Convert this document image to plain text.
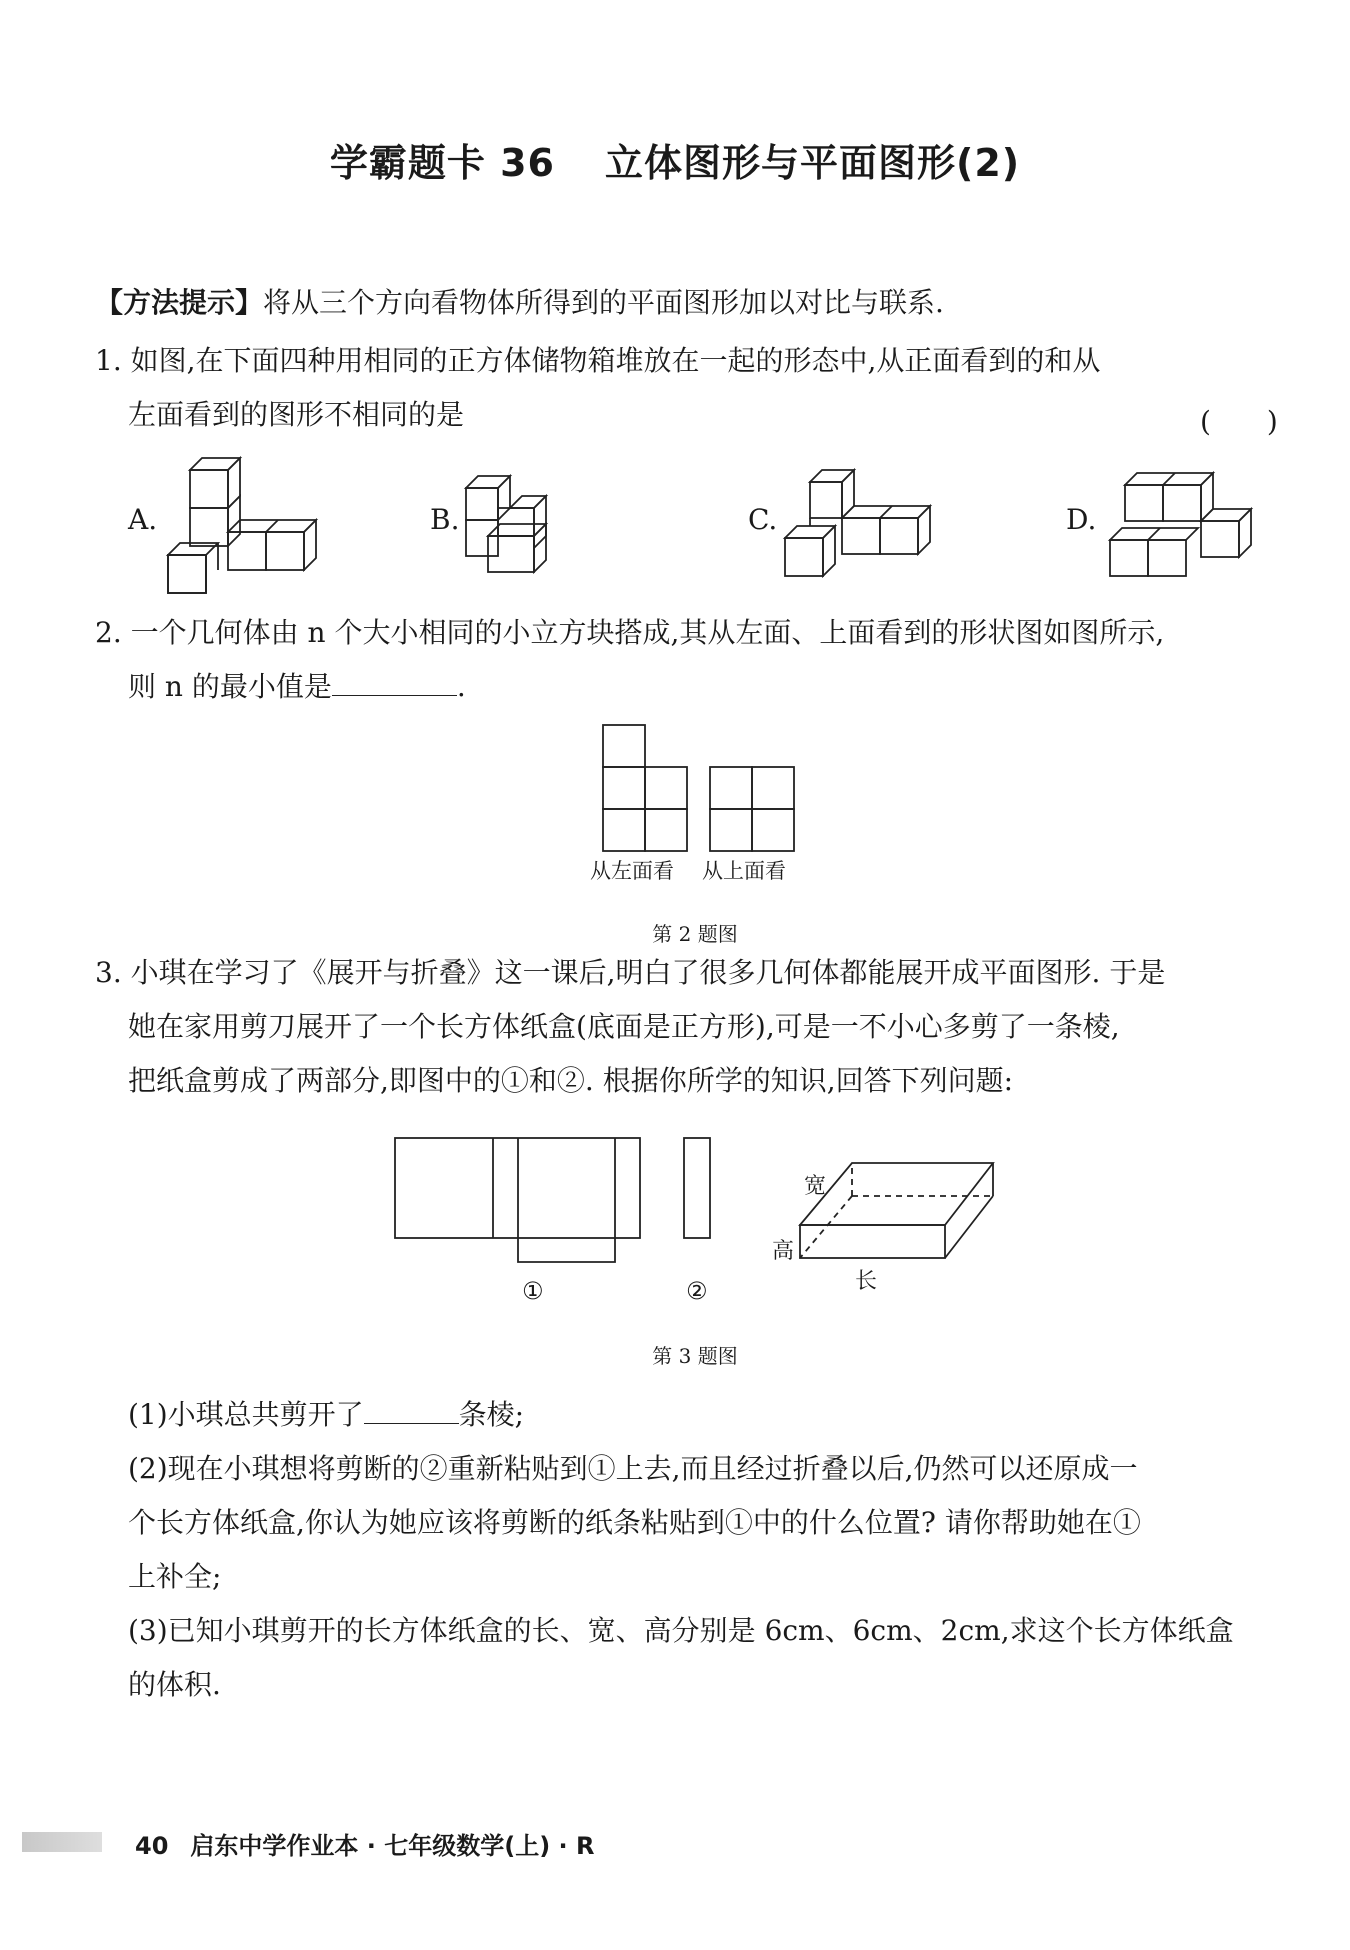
学霸题卡 36 立体图形与平面图形(2)
【方法提示】将从三个方向看物体所得到的平面图形加以对比与联系.
1. 如图,在下面四种用相同的正方体储物箱堆放在一起的形态中,从正面看到的和从
左面看到的图形不相同的是	(　　)
A.	B.	C.	D.
2. 一个几何体由 n 个大小相同的小立方块搭成,其从左面、上面看到的形状图如图所示,
则 n 的最小值是	.
从左面看 从上面看
第 2 题图
3. 小琪在学习了《展开与折叠》这一课后,明白了很多几何体都能展开成平面图形. 于是
她在家用剪刀展开了一个长方体纸盒(底面是正方形),可是一不小心多剪了一条棱,
把纸盒剪成了两部分,即图中的①和②. 根据你所学的知识,回答下列问题:
①	②
宽
高
长
第 3 题图
(1)小琪总共剪开了	条棱;
(2)现在小琪想将剪断的②重新粘贴到①上去,而且经过折叠以后,仍然可以还原成一
个长方体纸盒,你认为她应该将剪断的纸条粘贴到①中的什么位置? 请你帮助她在①
上补全;
(3)已知小琪剪开的长方体纸盒的长、宽、高分别是 6cm、6cm、2cm,求这个长方体纸盒
的体积.
40 启东中学作业本 · 七年级数学(上) · R
